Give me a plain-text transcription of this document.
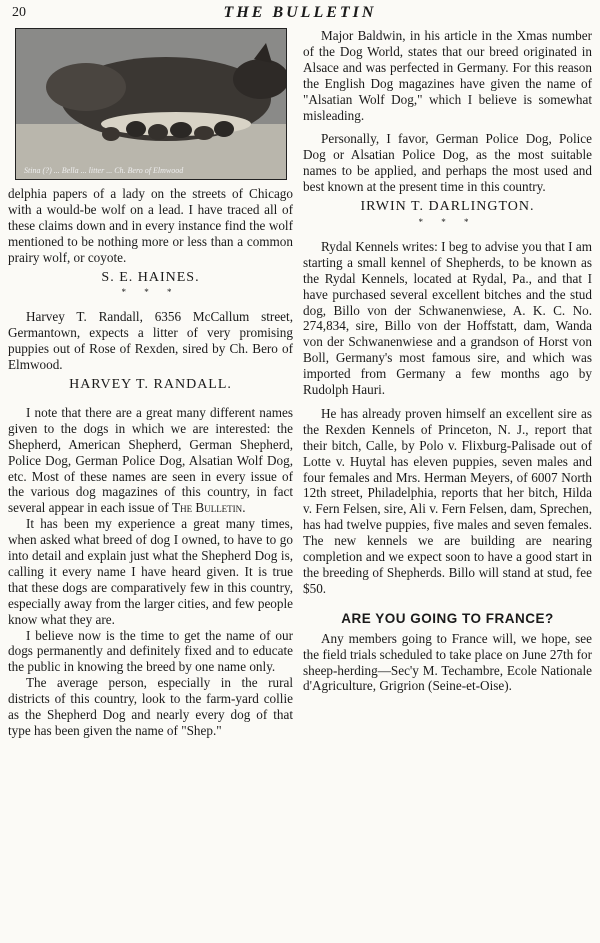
20	THE BULLETIN
Stina (?) ... Bella ... litter ... Ch. Bero of Elmwood

delphia papers of a lady on the streets of Chicago with a would-be wolf on a lead. I have traced all of these claims down and in every instance find the wolf mentioned to be nothing more or less than a common prairy wolf, or coyote.

S. E. HAINES.
* * *

Harvey T. Randall, 6356 McCallum street, Germantown, expects a litter of very promising puppies out of Rose of Rexden, sired by Ch. Bero of Elmwood.

HARVEY T. RANDALL.

I note that there are a great many different names given to the dogs in which we are interested: the Shepherd, American Shepherd, German Shepherd, Police Dog, German Police Dog, Alsatian Wolf Dog, etc. Most of these names are seen in every issue of the various dog magazines of this country, in fact several appear in each issue of The Bulletin.

It has been my experience a great many times, when asked what breed of dog I owned, to have to go into detail and explain just what the Shepherd Dog is, calling it every name I have heard given. It is true that these dogs are comparatively few in this country, especially away from the larger cities, and few people know what they are.

I believe now is the time to get the name of our dogs permanently and definitely fixed and to educate the public in knowing the breed by one name only.

The average person, especially in the rural districts of this country, look to the farm-yard collie as the Shepherd Dog and nearly every dog of that type has been given the name of "Shep."

Major Baldwin, in his article in the Xmas number of the Dog World, states that our breed originated in Alsace and was perfected in Germany. For this reason the English Dog magazines have given the name of "Alsatian Wolf Dog," which I believe is somewhat misleading.

Personally, I favor, German Police Dog, Police Dog or Alsatian Police Dog, as the most suitable names to be applied, and perhaps the most used and best known at the present time in this country.

IRWIN T. DARLINGTON.
* * *

Rydal Kennels writes: I beg to advise you that I am starting a small kennel of Shepherds, to be known as the Rydal Kennels, located at Rydal, Pa., and that I have purchased several excellent bitches and the stud dog, Billo von der Schwanenwiese, A. K. C. No. 274,834, sire, Billo von der Hoffstatt, dam, Wanda von der Schwanenwiese and a grandson of Horst von Boll, Germany's most famous sire, and which was imported from Germany a few months ago by Rudolph Hauri.

He has already proven himself an excellent sire as the Rexden Kennels of Princeton, N. J., report that their bitch, Calle, by Polo v. Flixburg-Palisade out of Lotte v. Huytal has eleven puppies, seven males and four females and Mrs. Herman Meyers, of 6007 North 12th street, Philadelphia, reports that her bitch, Hilda v. Fern Felsen, sire, Ali v. Fern Felsen, dam, Sprechen, has had twelve puppies, five males and seven females. The new kennels we are building are nearing completion and we expect soon to have a good start in the breeding of Shepherds. Billo will stand at stud, fee $50.

ARE YOU GOING TO FRANCE?

Any members going to France will, we hope, see the field trials scheduled to take place on June 27th for sheep-herding—Sec'y M. Techambre, Ecole Nationale d'Agriculture, Grigrion (Seine-et-Oise).
